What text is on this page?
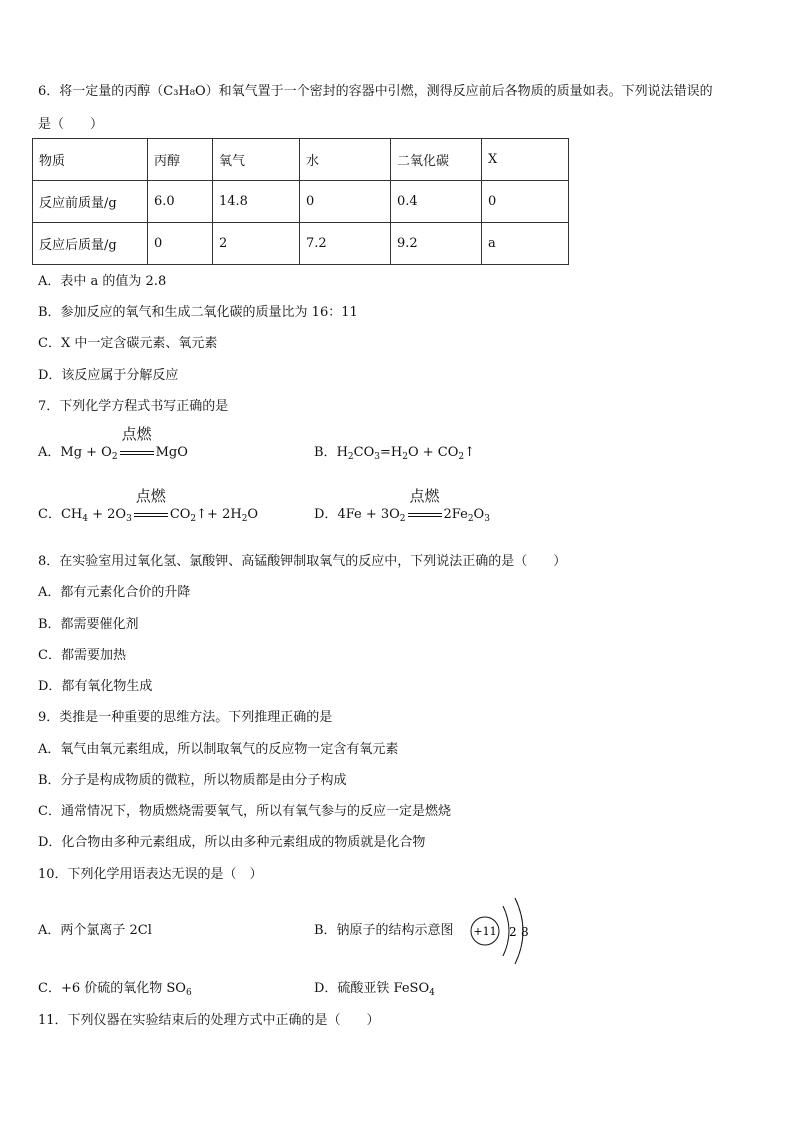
6．将一定量的丙醇（C₃H₈O）和氧气置于一个密封的容器中引燃，测得反应前后各物质的质量如表。下列说法错误的
是（　　）
物质	丙醇	氧气	水	二氧化碳	X
反应前质量/g	6.0	14.8	0	0.4	0
反应后质量/g	0	2	7.2	9.2	a
A．表中 a 的值为 2.8
B．参加反应的氧气和生成二氧化碳的质量比为 16：11
C．X 中一定含碳元素、氧元素
D．该反应属于分解反应
7．下列化学方程式书写正确的是
A．$Mg + O_2$
点燃
MgO	B．$H_2CO_3=H_2O$ + $CO_2↑$
C．$CH_4 + 2O_3$
点燃
$CO_2↑+ 2H_2O$	D．$4Fe + 3O_2$
点燃
$2Fe_2O_3$
8．在实验室用过氧化氢、氯酸钾、高锰酸钾制取氧气的反应中，下列说法正确的是（　　）
A．都有元素化合价的升降
B．都需要催化剂
C．都需要加热
D．都有氧化物生成
9．类推是一种重要的思维方法。下列推理正确的是
A．氧气由氧元素组成，所以制取氧气的反应物一定含有氧元素
B．分子是构成物质的微粒，所以物质都是由分子构成
C．通常情况下，物质燃烧需要氧气，所以有氧气参与的反应一定是燃烧
D．化合物由多种元素组成，所以由多种元素组成的物质就是化合物
10．下列化学用语表达无误的是（　）
A．两个氯离子 2Cl	B．钠原子的结构示意图 +11 2 8
C．+6 价硫的氧化物 $SO_6$	D．硫酸亚铁 FeSO$_4$
11．下列仪器在实验结束后的处理方式中正确的是（　　）
